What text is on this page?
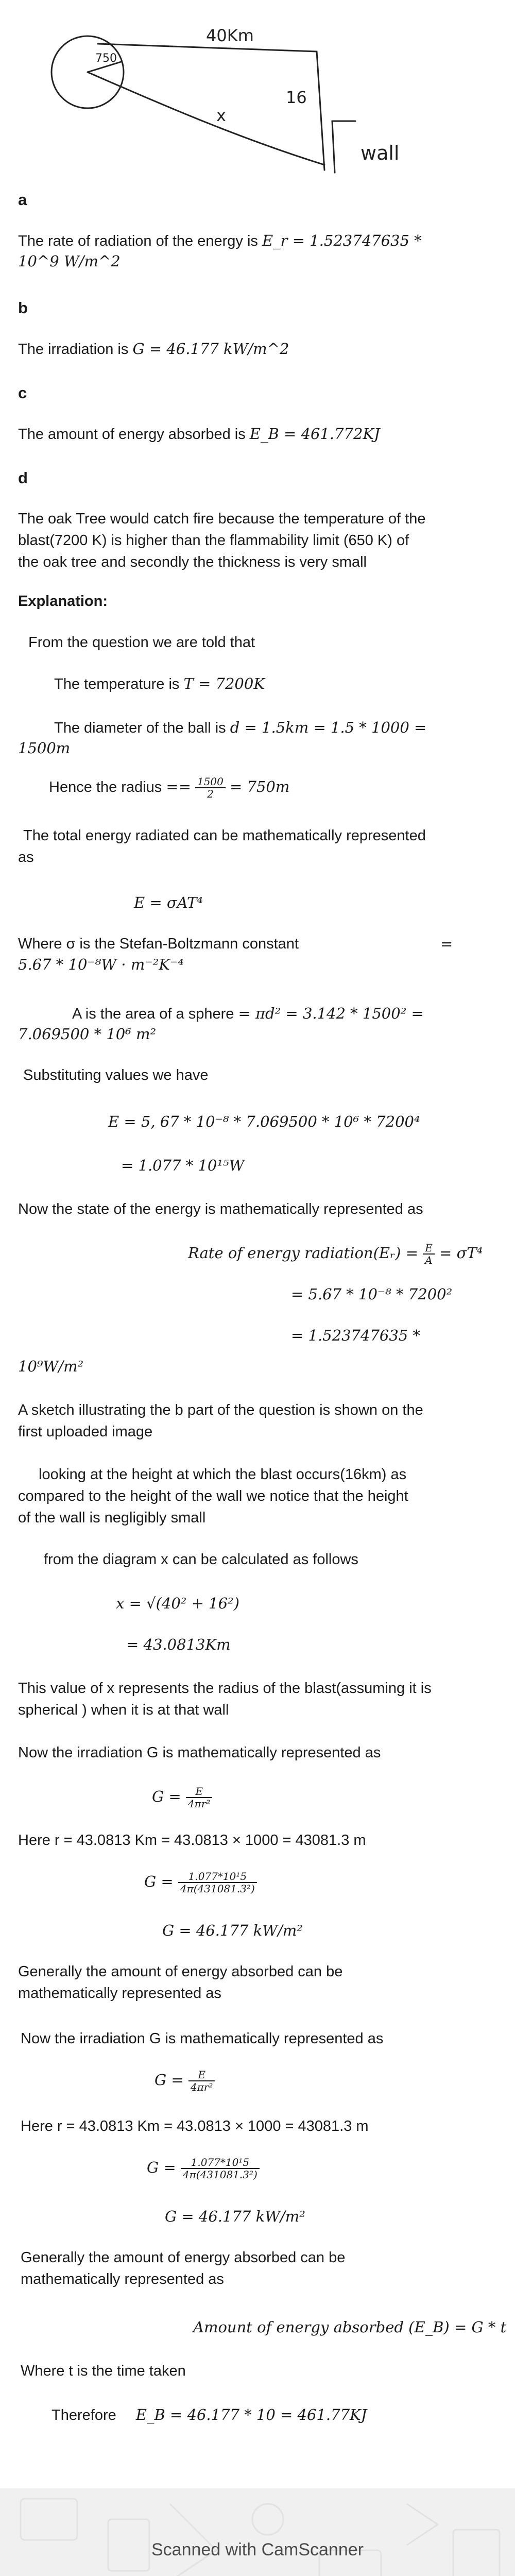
40Km
750
16
x
wall
a
The rate of radiation of the energy is E_r = 1.523747635 *
10^9 W/m^2
b
The irradiation is G = 46.177 kW/m^2
c
The amount of energy absorbed is E_B = 461.772KJ
d
The oak Tree would catch fire because the temperature of the
blast(7200 K) is higher than the flammability limit (650 K) of
the oak tree and secondly the thickness is very small
Explanation:
From the question we are told that
The temperature is T = 7200K
The diameter of the ball is d = 1.5km = 1.5 * 1000 =
1500m
Hence the radius == $\frac{1500}{2} = 750m$
The total energy radiated can be mathematically represented
as
E = σAT⁴
Where σ is the Stefan-Boltzmann constant	=
5.67 * 10⁻⁸W · m⁻²K⁻⁴
A is the area of a sphere = πd² = 3.142 * 1500² =
7.069500 * 10⁶ m²
Substituting values we have
E = 5, 67 * 10⁻⁸ * 7.069500 * 10⁶ * 7200⁴
= 1.077 * 10¹⁵W
Now the state of the energy is mathematically represented as
Rate of energy radiation(Eᵣ) = $\frac{E}{A} = \sigma T^4$
= 5.67 * 10⁻⁸ * 7200²
= 1.523747635 *
10⁹W/m²
A sketch illustrating the b part of the question is shown on the
first uploaded image
looking at the height at which the blast occurs(16km) as
compared to the height of the wall we notice that the height
of the wall is negligibly small
from the diagram x can be calculated as follows
x = √(40² + 16²)
= 43.0813Km
This value of x represents the radius of the blast(assuming it is
spherical ) when it is at that wall
Now the irradiation G is mathematically represented as
$G = \frac{E}{\text{4πr²}}$
Here r = 43.0813 Km = 43.0813 × 1000 = 43081.3 m
$G = \frac{\text{1.077*10¹5}}{\text{4π(431081.3²)}}$
G = 46.177 kW/m²
Generally the amount of energy absorbed can be
mathematically represented as
Now the irradiation G is mathematically represented as
$G = \frac{E}{\text{4πr²}}$
Here r = 43.0813 Km = 43.0813 × 1000 = 43081.3 m
$G = \frac{\text{1.077*10¹5}}{\text{4π(431081.3²)}}$
G = 46.177 kW/m²
Generally the amount of energy absorbed can be
mathematically represented as
Amount of energy absorbed (E_B) = G * t
Where t is the time taken
Therefore E_B = 46.177 * 10 = 461.77KJ
Scanned with CamScanner
